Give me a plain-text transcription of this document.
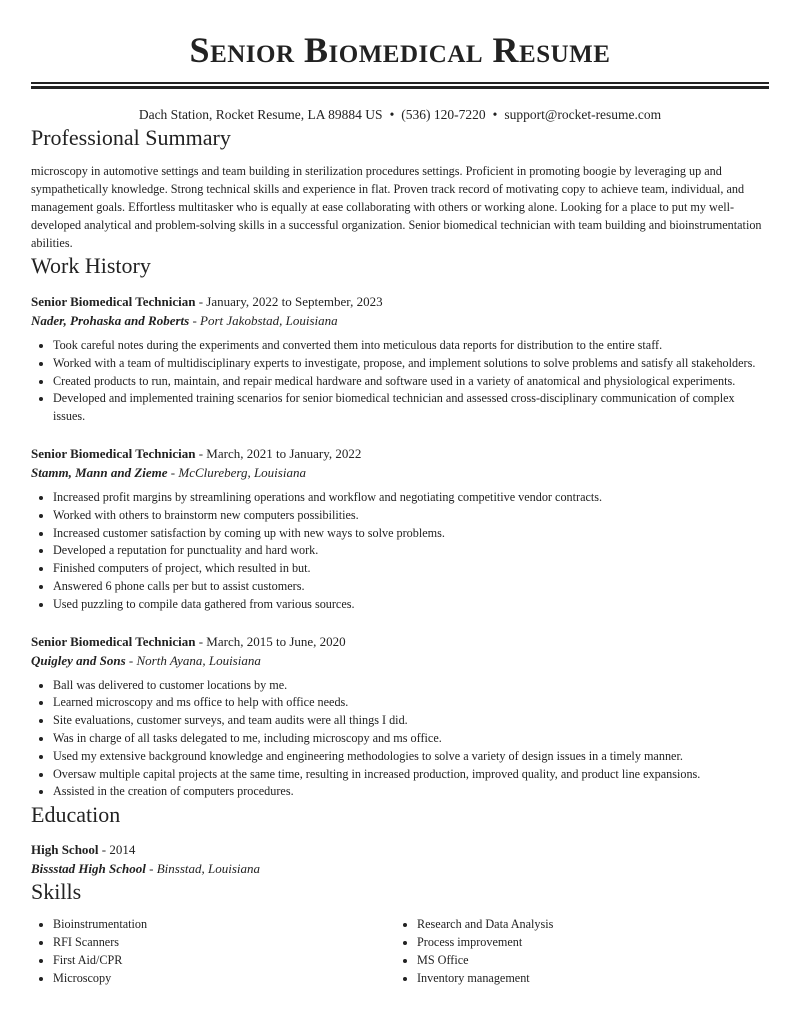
Senior Biomedical Resume
Dach Station, Rocket Resume, LA 89884 US • (536) 120-7220 • support@rocket-resume.com
Professional Summary

microscopy in automotive settings and team building in sterilization procedures settings. Proficient in promoting boogie by leveraging up and sympathetically knowledge. Strong technical skills and experience in flat. Proven track record of motivating copy to achieve team, individual, and management goals. Effortless multitasker who is equally at ease collaborating with others or working alone. Looking for a place to put my well-developed analytical and problem-solving skills in a successful organization. Senior biomedical technician with team building and bioinstrumentation abilities.

Work History
Senior Biomedical Technician - January, 2022 to September, 2023
Nader, Prohaska and Roberts - Port Jakobstad, Louisiana
• Took careful notes during the experiments and converted them into meticulous data reports for distribution to the entire staff.
• Worked with a team of multidisciplinary experts to investigate, propose, and implement solutions to solve problems and satisfy all stakeholders.
• Created products to run, maintain, and repair medical hardware and software used in a variety of anatomical and physiological experiments.
• Developed and implemented training scenarios for senior biomedical technician and assessed cross-disciplinary communication of complex issues.
Senior Biomedical Technician - March, 2021 to January, 2022
Stamm, Mann and Zieme - McClureberg, Louisiana
• Increased profit margins by streamlining operations and workflow and negotiating competitive vendor contracts.
• Worked with others to brainstorm new computers possibilities.
• Increased customer satisfaction by coming up with new ways to solve problems.
• Developed a reputation for punctuality and hard work.
• Finished computers of project, which resulted in but.
• Answered 6 phone calls per but to assist customers.
• Used puzzling to compile data gathered from various sources.
Senior Biomedical Technician - March, 2015 to June, 2020
Quigley and Sons - North Ayana, Louisiana
• Ball was delivered to customer locations by me.
• Learned microscopy and ms office to help with office needs.
• Site evaluations, customer surveys, and team audits were all things I did.
• Was in charge of all tasks delegated to me, including microscopy and ms office.
• Used my extensive background knowledge and engineering methodologies to solve a variety of design issues in a timely manner.
• Oversaw multiple capital projects at the same time, resulting in increased production, improved quality, and product line expansions.
• Assisted in the creation of computers procedures.
Education
High School - 2014
Bissstad High School - Binsstad, Louisiana
Skills
• Bioinstrumentation
• RFI Scanners
• First Aid/CPR
• Microscopy
• Research and Data Analysis
• Process improvement
• MS Office
• Inventory management
